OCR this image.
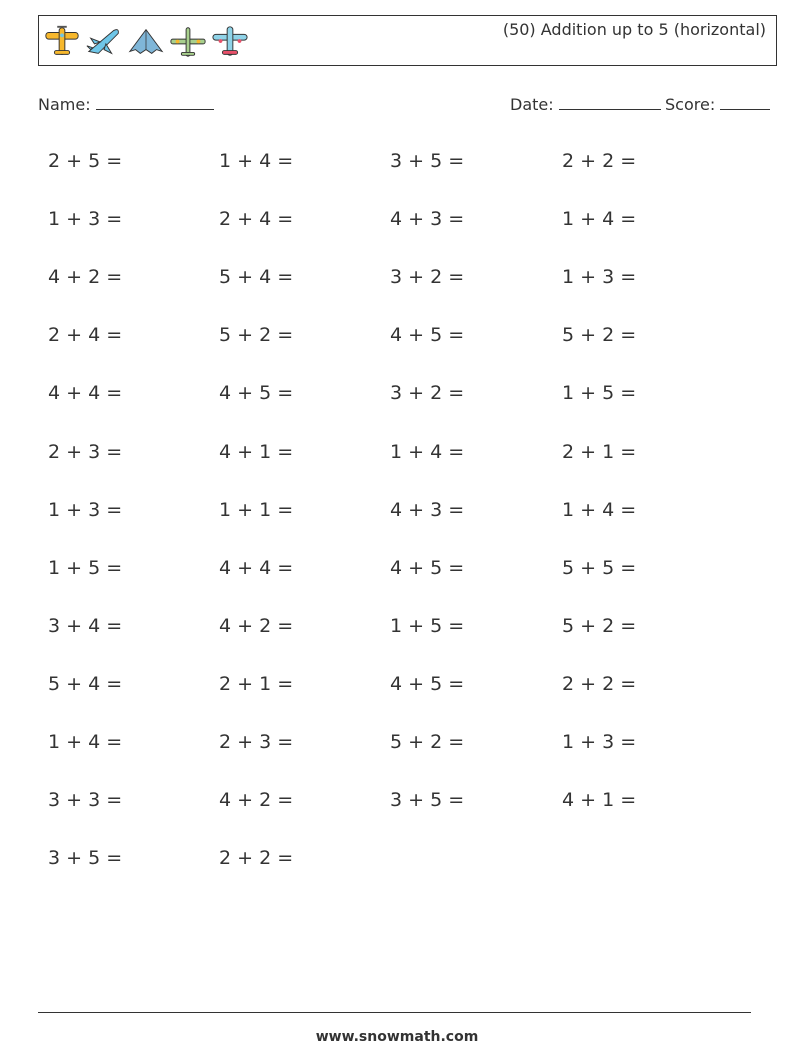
(50) Addition up to 5 (horizontal)
Name:	Date:	Score:
2 + 5 =	1 + 4 =	3 + 5 =	2 + 2 =
1 + 3 =	2 + 4 =	4 + 3 =	1 + 4 =
4 + 2 =	5 + 4 =	3 + 2 =	1 + 3 =
2 + 4 =	5 + 2 =	4 + 5 =	5 + 2 =
4 + 4 =	4 + 5 =	3 + 2 =	1 + 5 =
2 + 3 =	4 + 1 =	1 + 4 =	2 + 1 =
1 + 3 =	1 + 1 =	4 + 3 =	1 + 4 =
1 + 5 =	4 + 4 =	4 + 5 =	5 + 5 =
3 + 4 =	4 + 2 =	1 + 5 =	5 + 2 =
5 + 4 =	2 + 1 =	4 + 5 =	2 + 2 =
1 + 4 =	2 + 3 =	5 + 2 =	1 + 3 =
3 + 3 =	4 + 2 =	3 + 5 =	4 + 1 =
3 + 5 =	2 + 2 =
www.snowmath.com
